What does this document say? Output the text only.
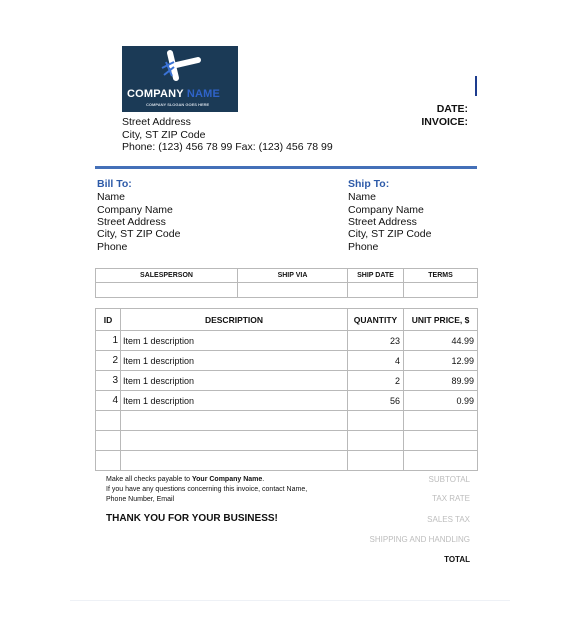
COMPANY NAME
COMPANY SLOGAN GOES HERE
Street Address
City, ST ZIP Code
Phone: (123) 456 78 99 Fax: (123) 456 78 99
DATE:
INVOICE:
Bill To:
Name
Company Name
Street Address
City, ST ZIP Code
Phone
Ship To:
Name
Company Name
Street Address
City, ST ZIP Code
Phone
SALESPERSON	SHIP VIA	SHIP DATE	TERMS

ID	DESCRIPTION	QUANTITY	UNIT PRICE, $
1	Item 1 description	23	44.99
2	Item 1 description	4	12.99
3	Item 1 description	2	89.99
4	Item 1 description	56	0.99

Make all checks payable to Your Company Name.
If you have any questions concerning this invoice, contact Name,
Phone Number, Email
THANK YOU FOR YOUR BUSINESS!
SUBTOTAL
TAX RATE
SALES TAX
SHIPPING AND HANDLING
TOTAL
